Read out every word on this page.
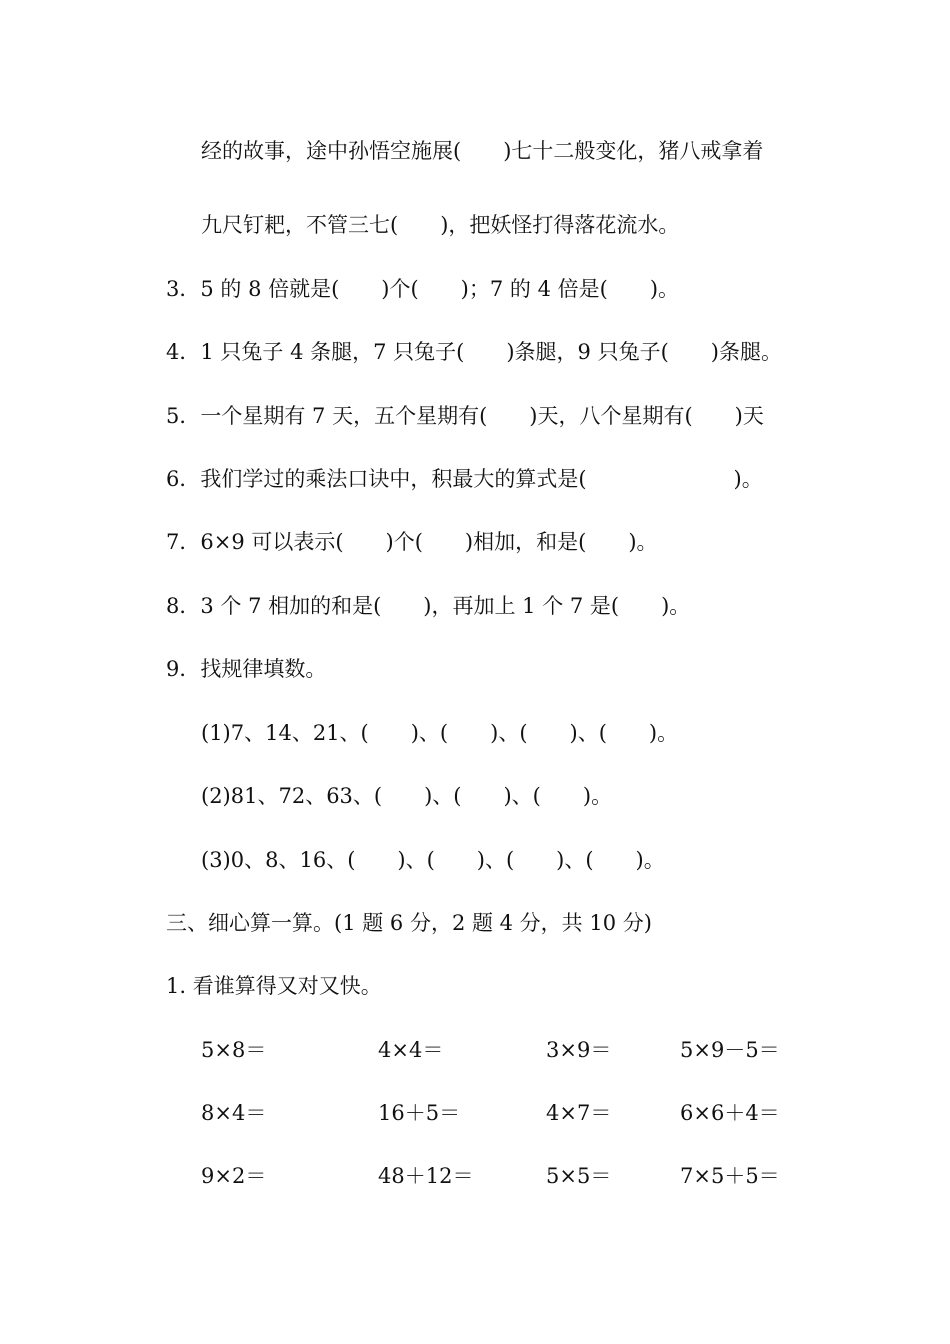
经的故事，途中孙悟空施展(　　)七十二般变化，猪八戒拿着
九尺钉耙，不管三七(　　)，把妖怪打得落花流水。
3．5 的 8 倍就是(　　)个(　　)；7 的 4 倍是(　　)。
4．1 只兔子 4 条腿，7 只兔子(　　)条腿，9 只兔子(　　)条腿。
5．一个星期有 7 天，五个星期有(　　)天，八个星期有(　　)天
6．我们学过的乘法口诀中，积最大的算式是(　　　　　　　)。
7．6×9 可以表示(　　)个(　　)相加，和是(　　)。
8．3 个 7 相加的和是(　　)，再加上 1 个 7 是(　　)。
9．找规律填数。
(1)7、14、21、(　　)、(　　)、(　　)、(　　)。
(2)81、72、63、(　　)、(　　)、(　　)。
(3)0、8、16、(　　)、(　　)、(　　)、(　　)。
三、细心算一算。(1 题 6 分，2 题 4 分，共 10 分)
1. 看谁算得又对又快。
5×8＝	4×4＝	3×9＝	5×9－5＝
8×4＝	16＋5＝	4×7＝	6×6＋4＝
9×2＝	48＋12＝	5×5＝	7×5＋5＝
